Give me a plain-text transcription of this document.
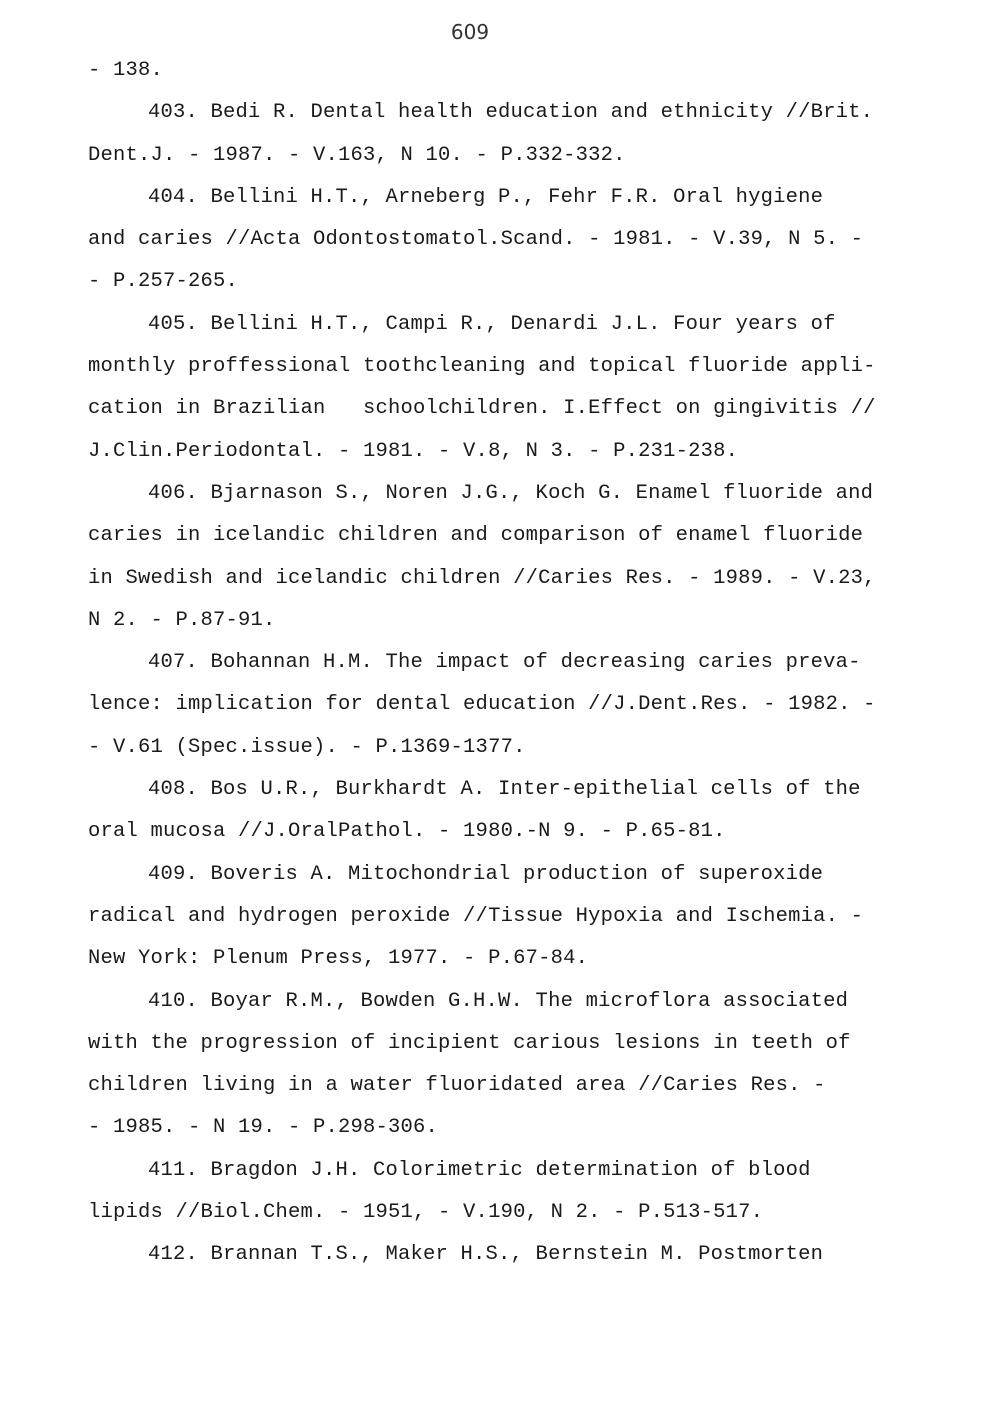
609
- 138.
403. Bedi R. Dental health education and ethnicity //Brit.
Dent.J. - 1987. - V.163, N 10. - P.332-332.
404. Bellini H.T., Arneberg P., Fehr F.R. Oral hygiene
and caries //Acta Odontostomatol.Scand. - 1981. - V.39, N 5. -
- P.257-265.
405. Bellini H.T., Campi R., Denardi J.L. Four years of
monthly proffessional toothcleaning and topical fluoride appli-
cation in Brazilian   schoolchildren. I.Effect on gingivitis //
J.Clin.Periodontal. - 1981. - V.8, N 3. - P.231-238.
406. Bjarnason S., Noren J.G., Koch G. Enamel fluoride and
caries in icelandic children and comparison of enamel fluoride
in Swedish and icelandic children //Caries Res. - 1989. - V.23,
N 2. - P.87-91.
407. Bohannan H.M. The impact of decreasing caries preva-
lence: implication for dental education //J.Dent.Res. - 1982. -
- V.61 (Spec.issue). - P.1369-1377.
408. Bos U.R., Burkhardt A. Inter-epithelial cells of the
oral mucosa //J.OralPathol. - 1980.-N 9. - P.65-81.
409. Boveris A. Mitochondrial production of superoxide
radical and hydrogen peroxide //Tissue Hypoxia and Ischemia. -
New York: Plenum Press, 1977. - P.67-84.
410. Boyar R.M., Bowden G.H.W. The microflora associated
with the progression of incipient carious lesions in teeth of
children living in a water fluoridated area //Caries Res. -
- 1985. - N 19. - P.298-306.
411. Bragdon J.H. Colorimetric determination of blood
lipids //Biol.Chem. - 1951, - V.190, N 2. - P.513-517.
412. Brannan T.S., Maker H.S., Bernstein M. Postmorten
